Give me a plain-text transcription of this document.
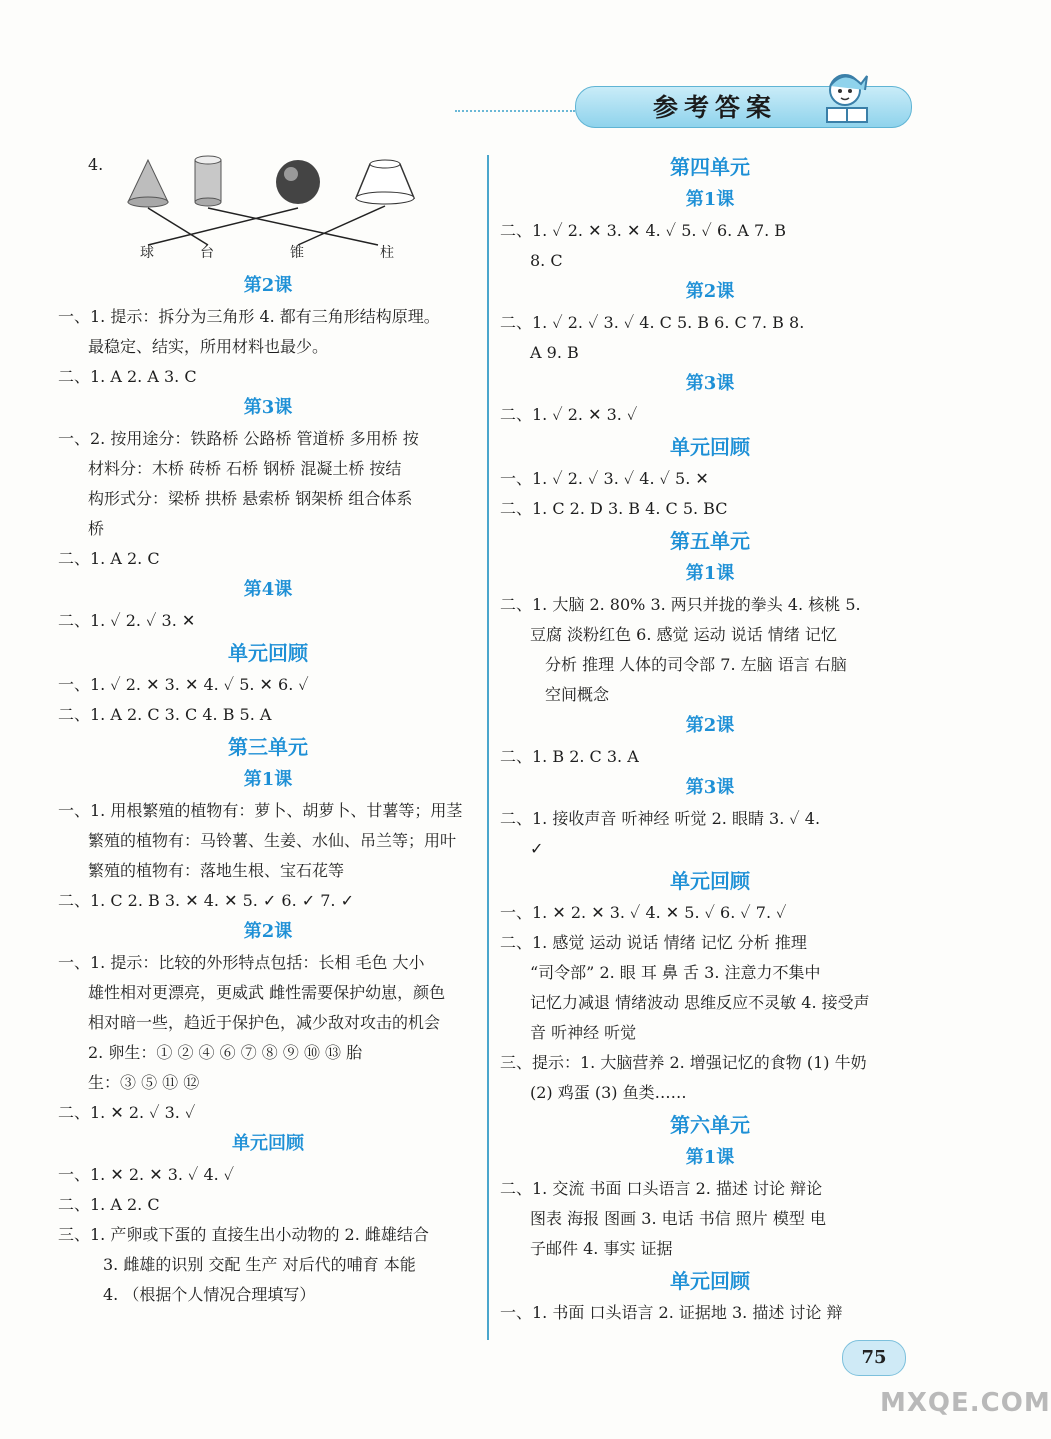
参考答案
4.
球	台	锥	柱
第2课
一、1. 提示：拆分为三角形 4. 都有三角形结构原理。
最稳定、结实，所用材料也最少。
二、1. A 2. A 3. C
第3课
一、2. 按用途分：铁路桥 公路桥 管道桥 多用桥 按
材料分：木桥 砖桥 石桥 钢桥 混凝土桥 按结
构形式分：梁桥 拱桥 悬索桥 钢架桥 组合体系
桥
二、1. A 2. C
第4课
二、1. ✓ 2. ✓ 3. ✕
单元回顾
一、1. ✓ 2. ✕ 3. ✕ 4. ✓ 5. ✕ 6. ✓
二、1. A 2. C 3. C 4. B 5. A
第三单元
第1课
一、1. 用根繁殖的植物有：萝卜、胡萝卜、甘薯等；用茎
繁殖的植物有：马铃薯、生姜、水仙、吊兰等；用叶
繁殖的植物有：落地生根、宝石花等
二、1. C 2. B 3. ✕ 4. ✕ 5. ✓ 6. ✓ 7. ✓
第2课
一、1. 提示：比较的外形特点包括：长相 毛色 大小
雄性相对更漂亮，更威武 雌性需要保护幼崽，颜色
相对暗一些，趋近于保护色，减少敌对攻击的机会
2. 卵生：① ② ④ ⑥ ⑦ ⑧ ⑨ ⑩ ⑬ 胎
生：③ ⑤ ⑪ ⑫
二、1. ✕ 2. ✓ 3. ✓
单元回顾
一、1. ✕ 2. ✕ 3. ✓ 4. ✓
二、1. A 2. C
三、1. 产卵或下蛋的 直接生出小动物的 2. 雌雄结合
3. 雌雄的识别 交配 生产 对后代的哺育 本能
4. （根据个人情况合理填写）
第四单元
第1课
二、1. ✓ 2. ✕ 3. ✕ 4. ✓ 5. ✓ 6. A 7. B
8. C
第2课
二、1. ✓ 2. ✓ 3. ✓ 4. C 5. B 6. C 7. B 8.
A 9. B
第3课
二、1. ✓ 2. ✕ 3. ✓
单元回顾
一、1. ✓ 2. ✓ 3. ✓ 4. ✓ 5. ✕
二、1. C 2. D 3. B 4. C 5. BC
第五单元
第1课
二、1. 大脑 2. 80% 3. 两只并拢的拳头 4. 核桃 5.
豆腐 淡粉红色 6. 感觉 运动 说话 情绪 记忆
分析 推理 人体的司令部 7. 左脑 语言 右脑
空间概念
第2课
二、1. B 2. C 3. A
第3课
二、1. 接收声音 听神经 听觉 2. 眼睛 3. ✓ 4.
✓
单元回顾
一、1. ✕ 2. ✕ 3. ✓ 4. ✕ 5. ✓ 6. ✓ 7. ✓
二、1. 感觉 运动 说话 情绪 记忆 分析 推理
“司令部” 2. 眼 耳 鼻 舌 3. 注意力不集中
记忆力减退 情绪波动 思维反应不灵敏 4. 接受声
音 听神经 听觉
三、提示：1. 大脑营养 2. 增强记忆的食物 (1) 牛奶
(2) 鸡蛋 (3) 鱼类……
第六单元
第1课
二、1. 交流 书面 口头语言 2. 描述 讨论 辩论
图表 海报 图画 3. 电话 书信 照片 模型 电
子邮件 4. 事实 证据
单元回顾
一、1. 书面 口头语言 2. 证据地 3. 描述 讨论 辩
75
MXQE.COM
